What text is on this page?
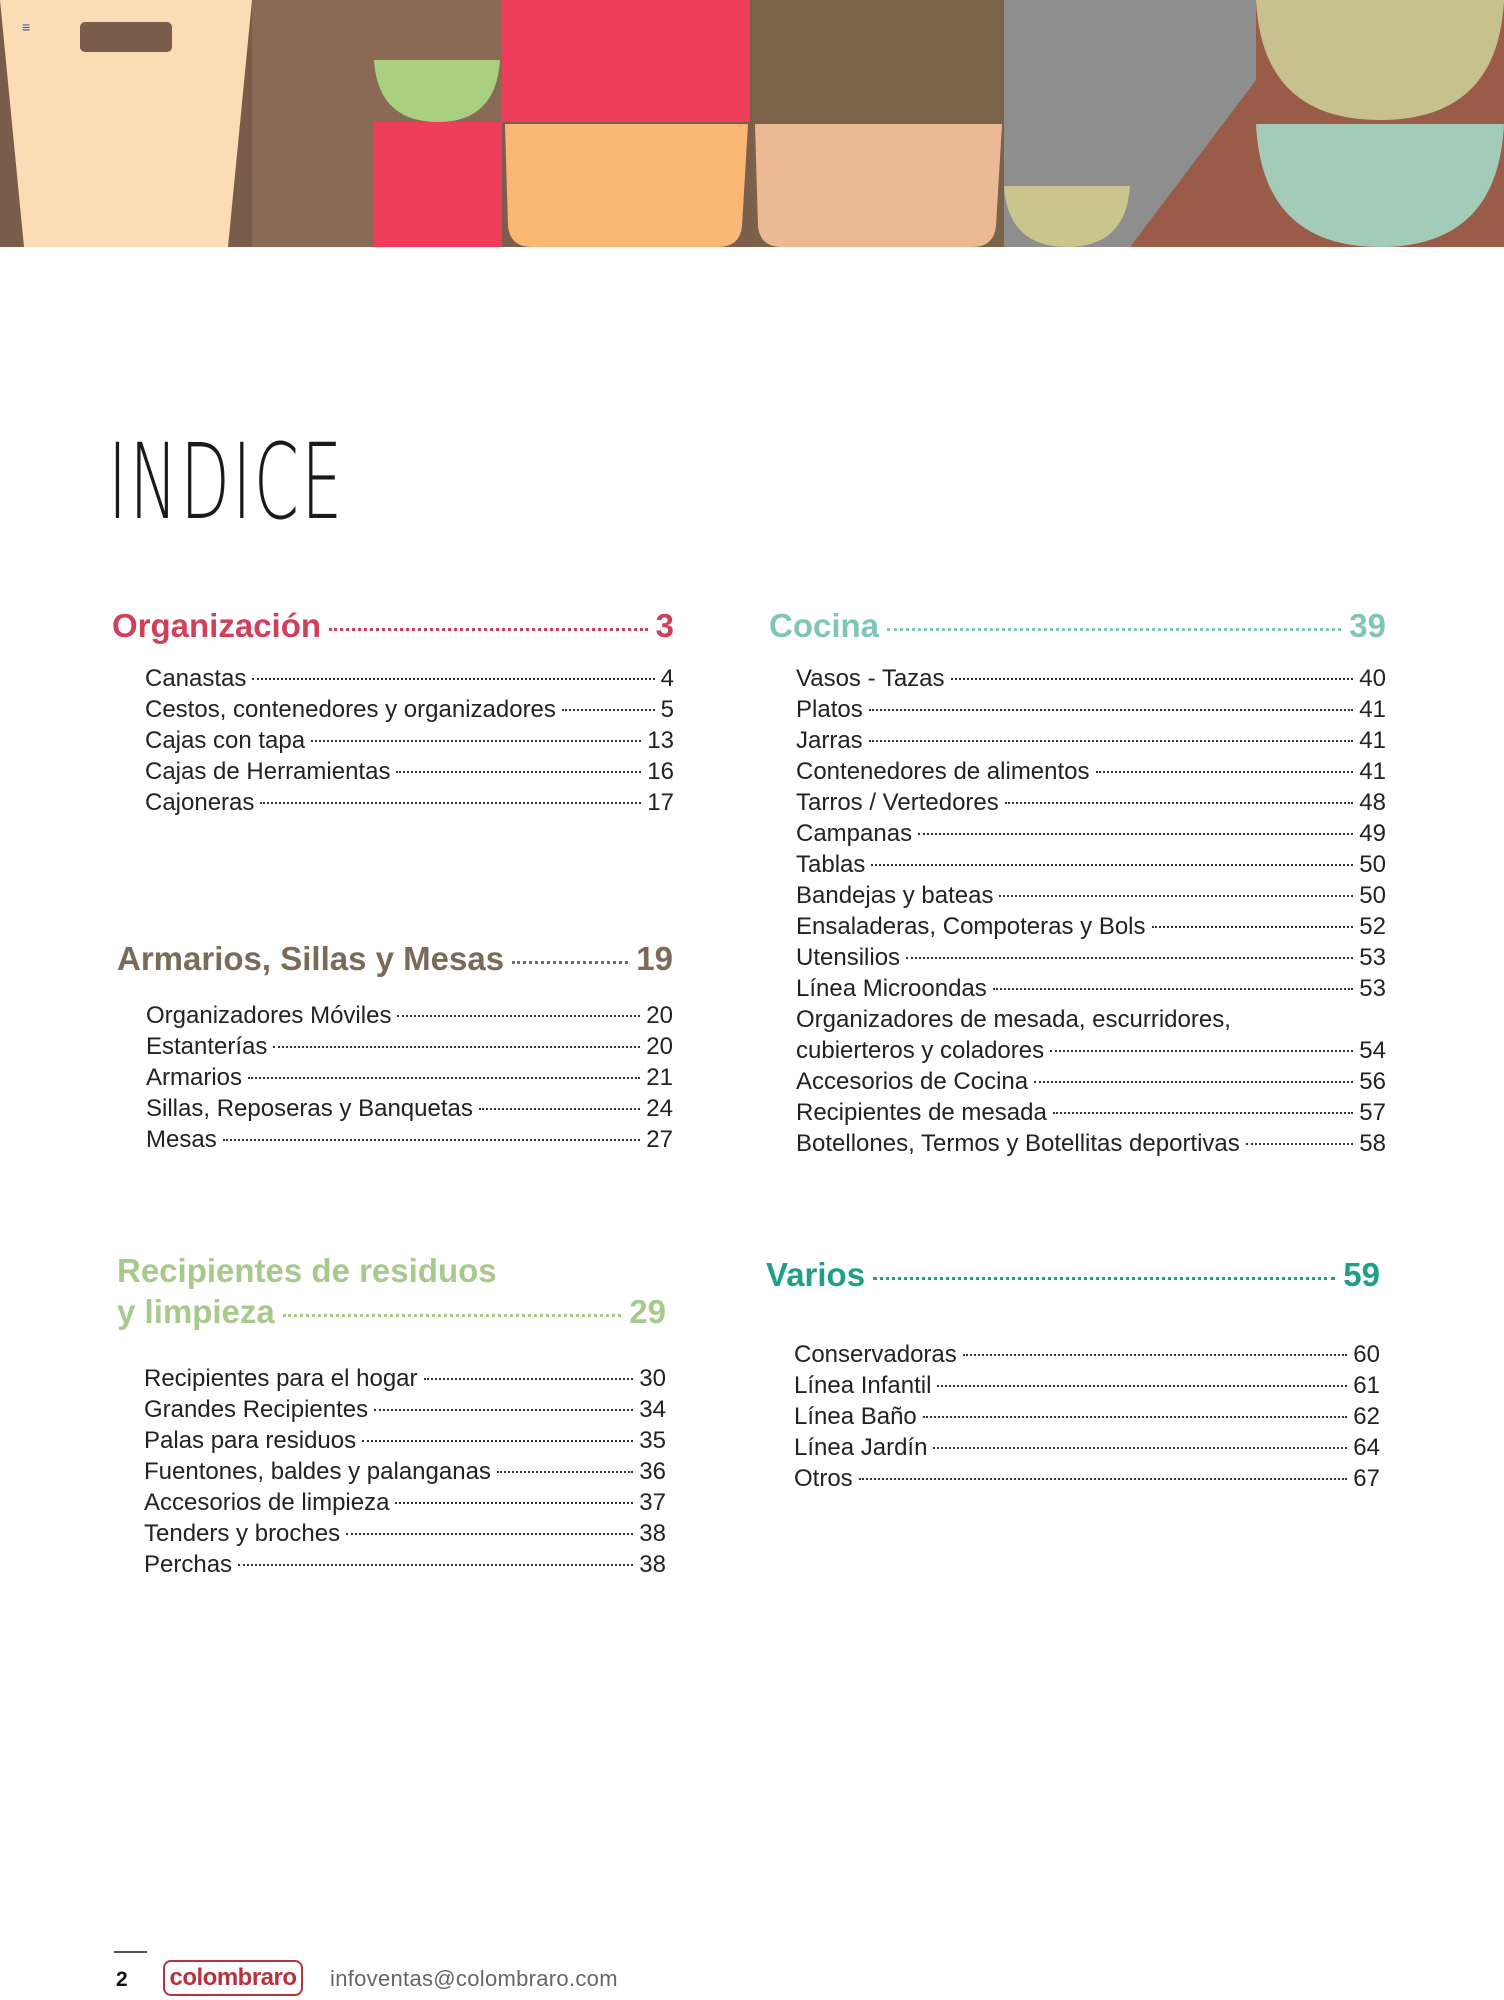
≡
INDICE
Organización	3
Canastas	4
Cestos, contenedores y organizadores	5
Cajas con tapa	13
Cajas de Herramientas	16
Cajoneras	17
Armarios, Sillas y Mesas	19
Organizadores Móviles	20
Estanterías	20
Armarios	21
Sillas, Reposeras y Banquetas	24
Mesas	27
Recipientes de residuos
y limpieza	29
Recipientes para el hogar	30
Grandes Recipientes	34
Palas para residuos	35
Fuentones, baldes y palanganas	36
Accesorios de limpieza	37
Tenders y broches	38
Perchas	38
Cocina	39
Vasos - Tazas	40
Platos	41
Jarras	41
Contenedores de alimentos	41
Tarros / Vertedores	48
Campanas	49
Tablas	50
Bandejas y bateas	50
Ensaladeras, Compoteras y Bols	52
Utensilios	53
Línea Microondas	53
Organizadores de mesada, escurridores,
cubierteros y coladores	54
Accesorios de Cocina	56
Recipientes de mesada	57
Botellones, Termos y Botellitas deportivas	58
Varios	59
Conservadoras	60
Línea Infantil	61
Línea Baño	62
Línea Jardín	64
Otros	67
2 colombraro infoventas@colombraro.com
